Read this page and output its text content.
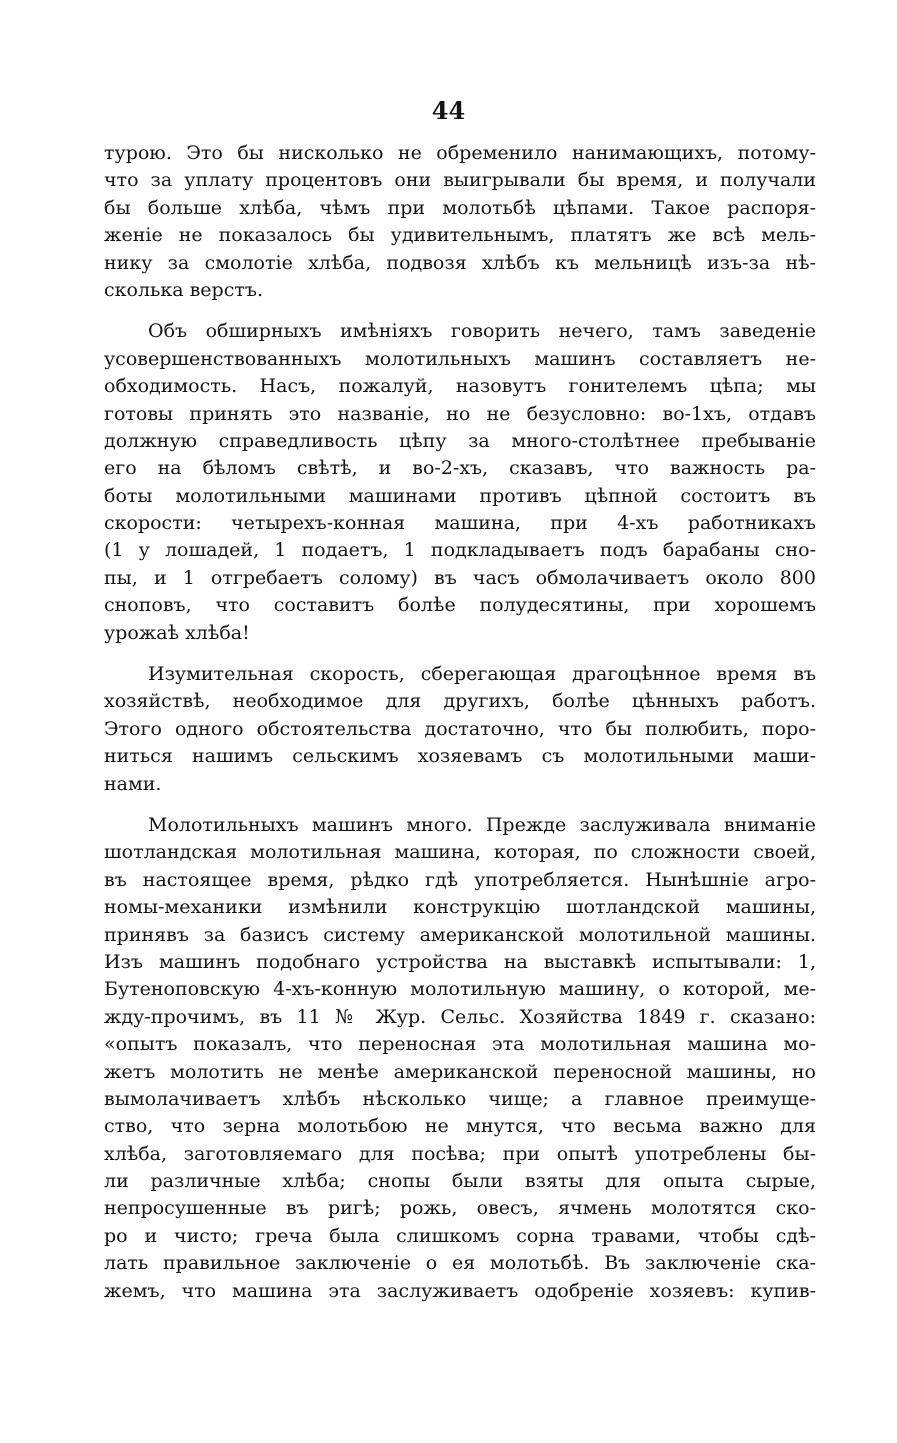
44
турою. Это бы нисколько не обременило нанимающихъ, потому-
что за уплату процентовъ они выигрывали бы время, и получали
бы больше хлѣба, чѣмъ при молотьбѣ цѣпами. Такое распоря-
женіе не показалось бы удивительнымъ, платятъ же всѣ мель-
нику за смолотіе хлѣба, подвозя хлѣбъ къ мельницѣ изъ-за нѣ-
сколька верстъ.
Объ обширныхъ имѣніяхъ говорить нечего, тамъ заведеніе
усовершенствованныхъ молотильныхъ машинъ составляетъ не-
обходимость. Насъ, пожалуй, назовутъ гонителемъ цѣпа; мы
готовы принять это названіе, но не безусловно: во-1хъ, отдавъ
должную справедливость цѣпу за много-столѣтнее пребываніе
его на бѣломъ свѣтѣ, и во-2-хъ, сказавъ, что важность ра-
боты молотильными машинами противъ цѣпной состоитъ въ
скорости: четырехъ-конная машина, при 4-хъ работникахъ
(1 у лошадей, 1 подаетъ, 1 подкладываетъ подъ барабаны сно-
пы, и 1 отгребаетъ солому) въ часъ обмолачиваетъ около 800
сноповъ, что составитъ болѣе полудесятины, при хорошемъ
урожаѣ хлѣба!
Изумительная скорость, сберегающая драгоцѣнное время въ
хозяйствѣ, необходимое для другихъ, болѣе цѣнныхъ работъ.
Этого одного обстоятельства достаточно, что бы полюбить, поро-
ниться нашимъ сельскимъ хозяевамъ съ молотильными маши-
нами.
Молотильныхъ машинъ много. Прежде заслуживала вниманіе
шотландская молотильная машина, которая, по сложности своей,
въ настоящее время, рѣдко гдѣ употребляется. Нынѣшніе агро-
номы-механики измѣнили конструкцію шотландской машины,
принявъ за базисъ систему американской молотильной машины.
Изъ машинъ подобнаго устройства на выставкѣ испытывали: 1,
Бутеноповскую 4-хъ-конную молотильную машину, о которой, ме-
жду-прочимъ, въ 11 № Жур. Сельс. Хозяйства 1849 г. сказано:
«опытъ показалъ, что переносная эта молотильная машина мо-
жетъ молотить не менѣе американской переносной машины, но
вымолачиваетъ хлѣбъ нѣсколько чище; а главное преимуще-
ство, что зерна молотьбою не мнутся, что весьма важно для
хлѣба, заготовляемаго для посѣва; при опытѣ употреблены бы-
ли различные хлѣба; снопы были взяты для опыта сырые,
непросушенные въ ригѣ; рожь, овесъ, ячмень молотятся ско-
ро и чисто; греча была слишкомъ сорна травами, чтобы сдѣ-
лать правильное заключеніе о ея молотьбѣ. Въ заключеніе ска-
жемъ, что машина эта заслуживаетъ одобреніе хозяевъ: купив-
